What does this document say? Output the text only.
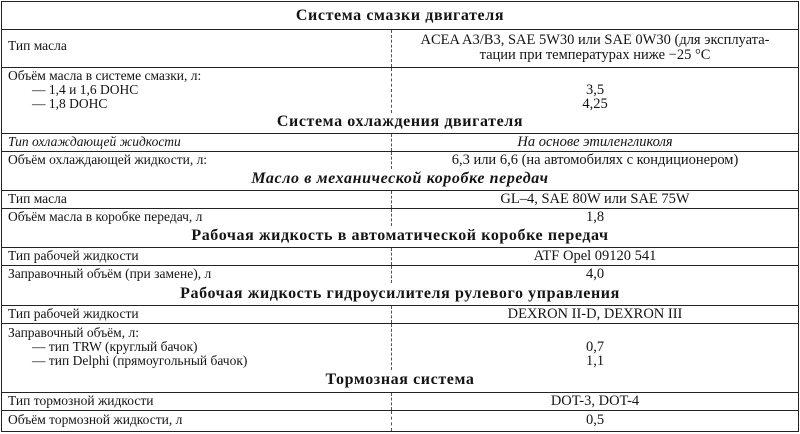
Система смазки двигателя
Тип масла	ACEA A3/B3, SAE 5W30 или SAE 0W30 (для эксплуата-
тации при температурах ниже −25 °С
Объём масла в системе смазки, л:
— 1,4 и 1,6 DOHC	3,5
— 1,8 DOHC	4,25
Система охлаждения двигателя
Тип охлаждающей жидкости	На основе этиленгликоля
Объём охлаждающей жидкости, л:	6,3 или 6,6 (на автомобилях с кондиционером)
Масло в механической коробке передач
Тип масла	GL–4, SAE 80W или SAE 75W
Объём масла в коробке передач, л	1,8
Рабочая жидкость в автоматической коробке передач
Тип рабочей жидкости	ATF Opel 09120 541
Заправочный объём (при замене), л	4,0
Рабочая жидкость гидроусилителя рулевого управления
Тип рабочей жидкости	DEXRON II-D, DEXRON III
Заправочный объём, л:
— тип TRW (круглый бачок)	0,7
— тип Delphi (прямоугольный бачок)	1,1
Тормозная система
Тип тормозной жидкости	DOT-3, DOT-4
Объём тормозной жидкости, л	0,5
